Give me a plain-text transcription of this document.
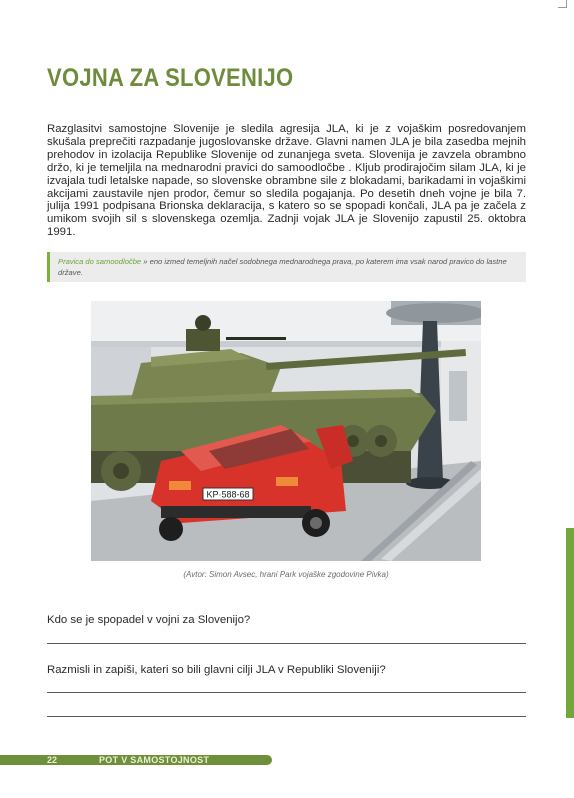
VOJNA ZA SLOVENIJO

Razglasitvi samostojne Slovenije je sledila agresija JLA, ki je z vojaškim posredovanjem skušala preprečiti razpadanje jugoslovanske države. Glavni namen JLA je bila zasedba mejnih prehodov in izolacija Republike Slovenije od zunanjega sveta. Slovenija je zavzela obrambno držo, ki je temeljila na mednarodni pravici do samoodločbe . Kljub prodirajočim silam JLA, ki je izvajala tudi letalske napade, so slovenske obrambne sile z blokadami, barikadami in vojaškimi akcijami zaustavile njen prodor, čemur so sledila pogajanja. Po desetih dneh vojne je bila 7. julija 1991 podpisana Brionska deklaracija, s katero so se spopadi končali, JLA pa je začela z umikom svojih sil s slovenskega ozemlja. Zadnji vojak JLA je Slovenijo zapustil 25. oktobra 1991.

Pravica do samoodločbe » eno izmed temeljnih načel sodobnega mednarodnega prava, po katerem ima vsak narod pravico do lastne države.
KP·588-68
(Avtor: Simon Avsec, hrani Park vojaške zgodovine Pivka)
Kdo se je spopadel v vojni za Slovenijo?
Razmisli in zapiši, kateri so bili glavni cilji JLA v Republiki Sloveniji?
22	POT V SAMOSTOJNOST
